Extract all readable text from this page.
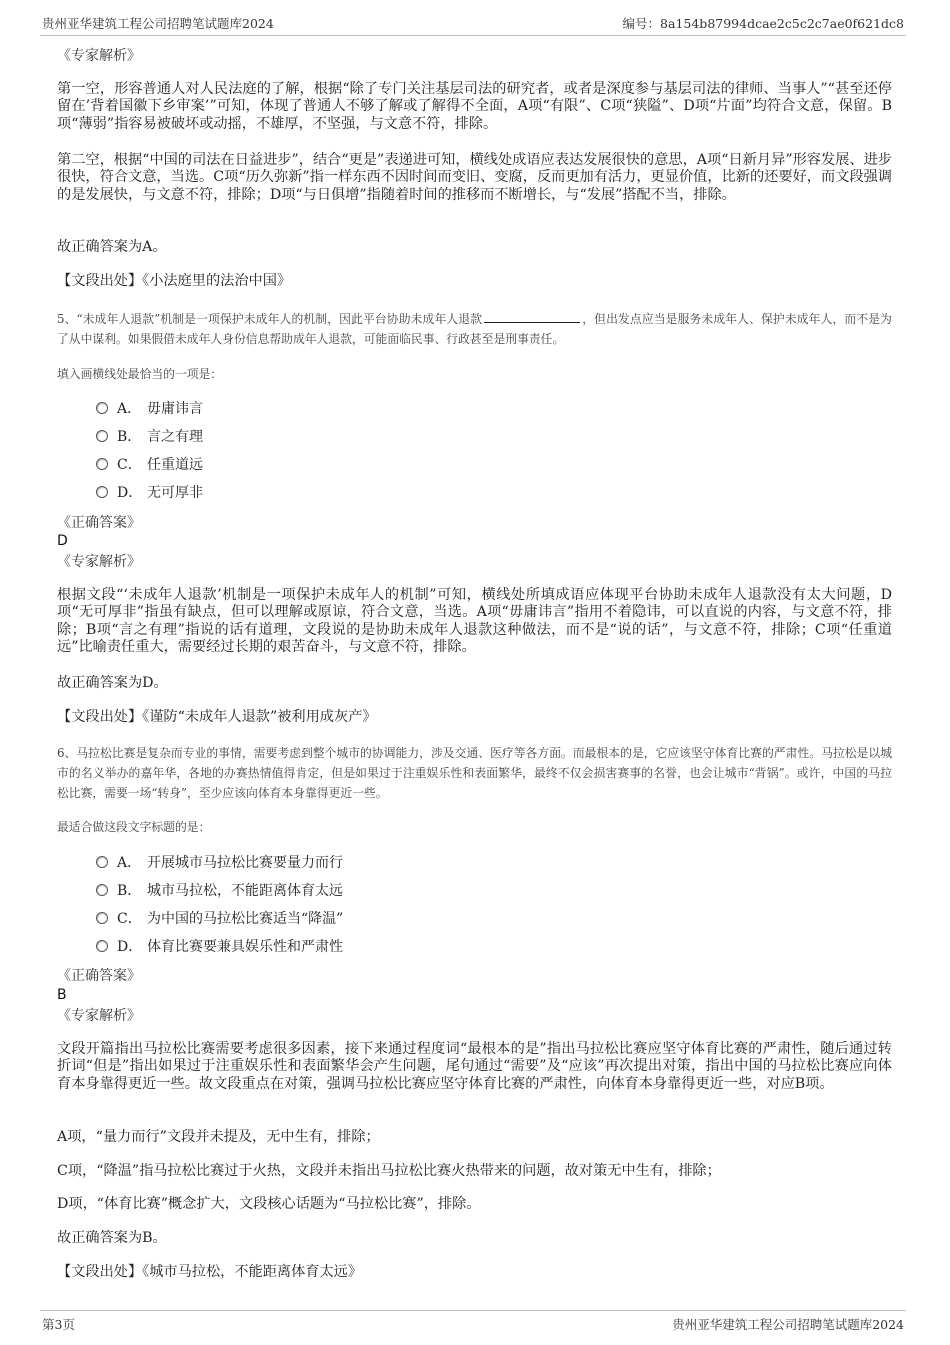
贵州亚华建筑工程公司招聘笔试题库2024	编号：8a154b87994dcae2c5c2c7ae0f621dc8
《专家解析》
第一空，形容普通人对人民法庭的了解，根据“除了专门关注基层司法的研究者，或者是深度参与基层司法的律师、当事人”“甚至还停留在’背着国徽下乡审案’”可知，体现了普通人不够了解或了解得不全面，A项“有限”、C项“狭隘”、D项“片面”均符合文意，保留。B项“薄弱”指容易被破坏或动摇，不雄厚，不坚强，与文意不符，排除。
第二空，根据“中国的司法在日益进步”，结合“更是”表递进可知，横线处成语应表达发展很快的意思，A项“日新月异”形容发展、进步很快，符合文意，当选。C项“历久弥新”指一样东西不因时间而变旧、变腐，反而更加有活力，更显价值，比新的还要好，而文段强调的是发展快，与文意不符，排除；D项“与日俱增”指随着时间的推移而不断增长，与“发展”搭配不当，排除。
故正确答案为A。
【文段出处】《小法庭里的法治中国》
5、“未成年人退款”机制是一项保护未成年人的机制，因此平台协助未成年人退款	，但出发点应当是服务未成年人、保护未成年人，而不是为了从中谋利。如果假借未成年人身份信息帮助成年人退款，可能面临民事、行政甚至是刑事责任。
填入画横线处最恰当的一项是：
A． 毋庸讳言
B． 言之有理
C． 任重道远
D． 无可厚非
《正确答案》
D
《专家解析》
根据文段“‘未成年人退款’机制是一项保护未成年人的机制”可知，横线处所填成语应体现平台协助未成年人退款没有太大问题，D项“无可厚非”指虽有缺点，但可以理解或原谅，符合文意，当选。A项“毋庸讳言”指用不着隐讳，可以直说的内容，与文意不符，排除；B项“言之有理”指说的话有道理，文段说的是协助未成年人退款这种做法，而不是“说的话”，与文意不符，排除；C项“任重道远”比喻责任重大，需要经过长期的艰苦奋斗，与文意不符，排除。
故正确答案为D。
【文段出处】《谨防“未成年人退款”被利用成灰产》
6、马拉松比赛是复杂而专业的事情，需要考虑到整个城市的协调能力，涉及交通、医疗等各方面。而最根本的是，它应该坚守体育比赛的严肃性。马拉松是以城市的名义举办的嘉年华，各地的办赛热情值得肯定，但是如果过于注重娱乐性和表面繁华，最终不仅会损害赛事的名誉，也会让城市“背锅”。或许，中国的马拉松比赛，需要一场“转身”，至少应该向体育本身靠得更近一些。
最适合做这段文字标题的是：
A． 开展城市马拉松比赛要量力而行
B． 城市马拉松，不能距离体育太远
C． 为中国的马拉松比赛适当“降温”
D． 体育比赛要兼具娱乐性和严肃性
《正确答案》
B
《专家解析》
文段开篇指出马拉松比赛需要考虑很多因素，接下来通过程度词“最根本的是”指出马拉松比赛应坚守体育比赛的严肃性，随后通过转折词“但是”指出如果过于注重娱乐性和表面繁华会产生问题，尾句通过“需要”及“应该”再次提出对策，指出中国的马拉松比赛应向体育本身靠得更近一些。故文段重点在对策，强调马拉松比赛应坚守体育比赛的严肃性，向体育本身靠得更近一些，对应B项。
A项，“量力而行”文段并未提及，无中生有，排除；
C项，“降温”指马拉松比赛过于火热，文段并未指出马拉松比赛火热带来的问题，故对策无中生有，排除；
D项，“体育比赛”概念扩大，文段核心话题为“马拉松比赛”，排除。
故正确答案为B。
【文段出处】《城市马拉松，不能距离体育太远》
第3页	贵州亚华建筑工程公司招聘笔试题库2024
